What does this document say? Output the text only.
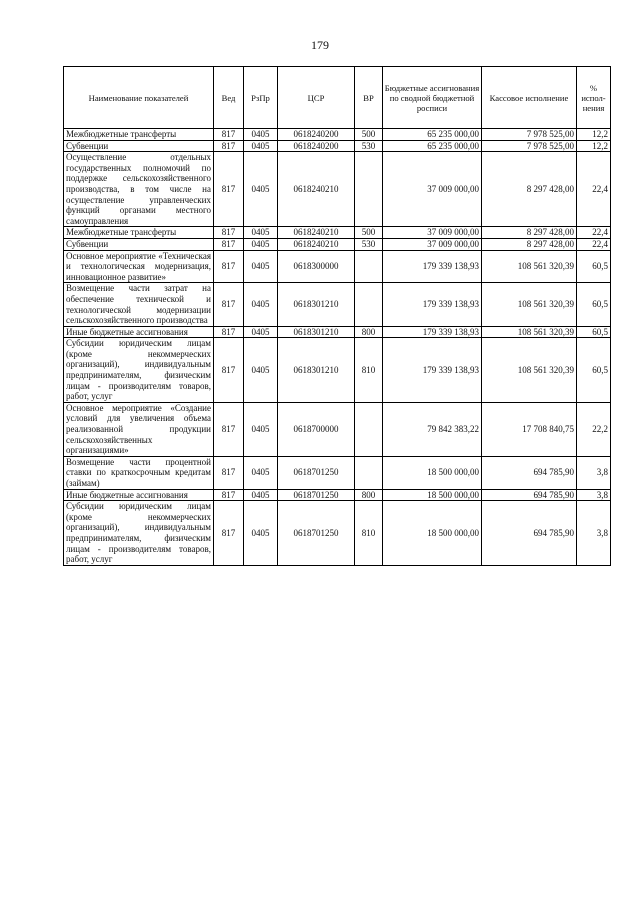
179
Наименование показателей	Вед	РзПр	ЦСР	ВР	Бюджетные ассигнования по сводной бюджетной росписи	Кассовое исполнение	% испол-нения
Межбюджетные трансферты	817	0405	0618240200	500	65 235 000,00	7 978 525,00	12,2
Субвенции	817	0405	0618240200	530	65 235 000,00	7 978 525,00	12,2
Осуществление отдельных государственных полномочий по поддержке сельскохозяйственного производства, в том числе на осуществление управленческих функций органами местного самоуправления	817	0405	0618240210		37 009 000,00	8 297 428,00	22,4
Межбюджетные трансферты	817	0405	0618240210	500	37 009 000,00	8 297 428,00	22,4
Субвенции	817	0405	0618240210	530	37 009 000,00	8 297 428,00	22,4
Основное мероприятие «Техническая и технологическая модернизация, инновационное развитие»	817	0405	0618300000		179 339 138,93	108 561 320,39	60,5
Возмещение части затрат на обеспечение технической и технологической модернизации сельскохозяйственного производства	817	0405	0618301210		179 339 138,93	108 561 320,39	60,5
Иные бюджетные ассигнования	817	0405	0618301210	800	179 339 138,93	108 561 320,39	60,5
Субсидии юридическим лицам (кроме некоммерческих организаций), индивидуальным предпринимателям, физическим лицам - производителям товаров, работ, услуг	817	0405	0618301210	810	179 339 138,93	108 561 320,39	60,5
Основное мероприятие «Создание условий для увеличения объема реализованной продукции сельскохозяйственных организациями»	817	0405	0618700000		79 842 383,22	17 708 840,75	22,2
Возмещение части процентной ставки по краткосрочным кредитам (займам)	817	0405	0618701250		18 500 000,00	694 785,90	3,8
Иные бюджетные ассигнования	817	0405	0618701250	800	18 500 000,00	694 785,90	3,8
Субсидии юридическим лицам (кроме некоммерческих организаций), индивидуальным предпринимателям, физическим лицам - производителям товаров, работ, услуг	817	0405	0618701250	810	18 500 000,00	694 785,90	3,8
